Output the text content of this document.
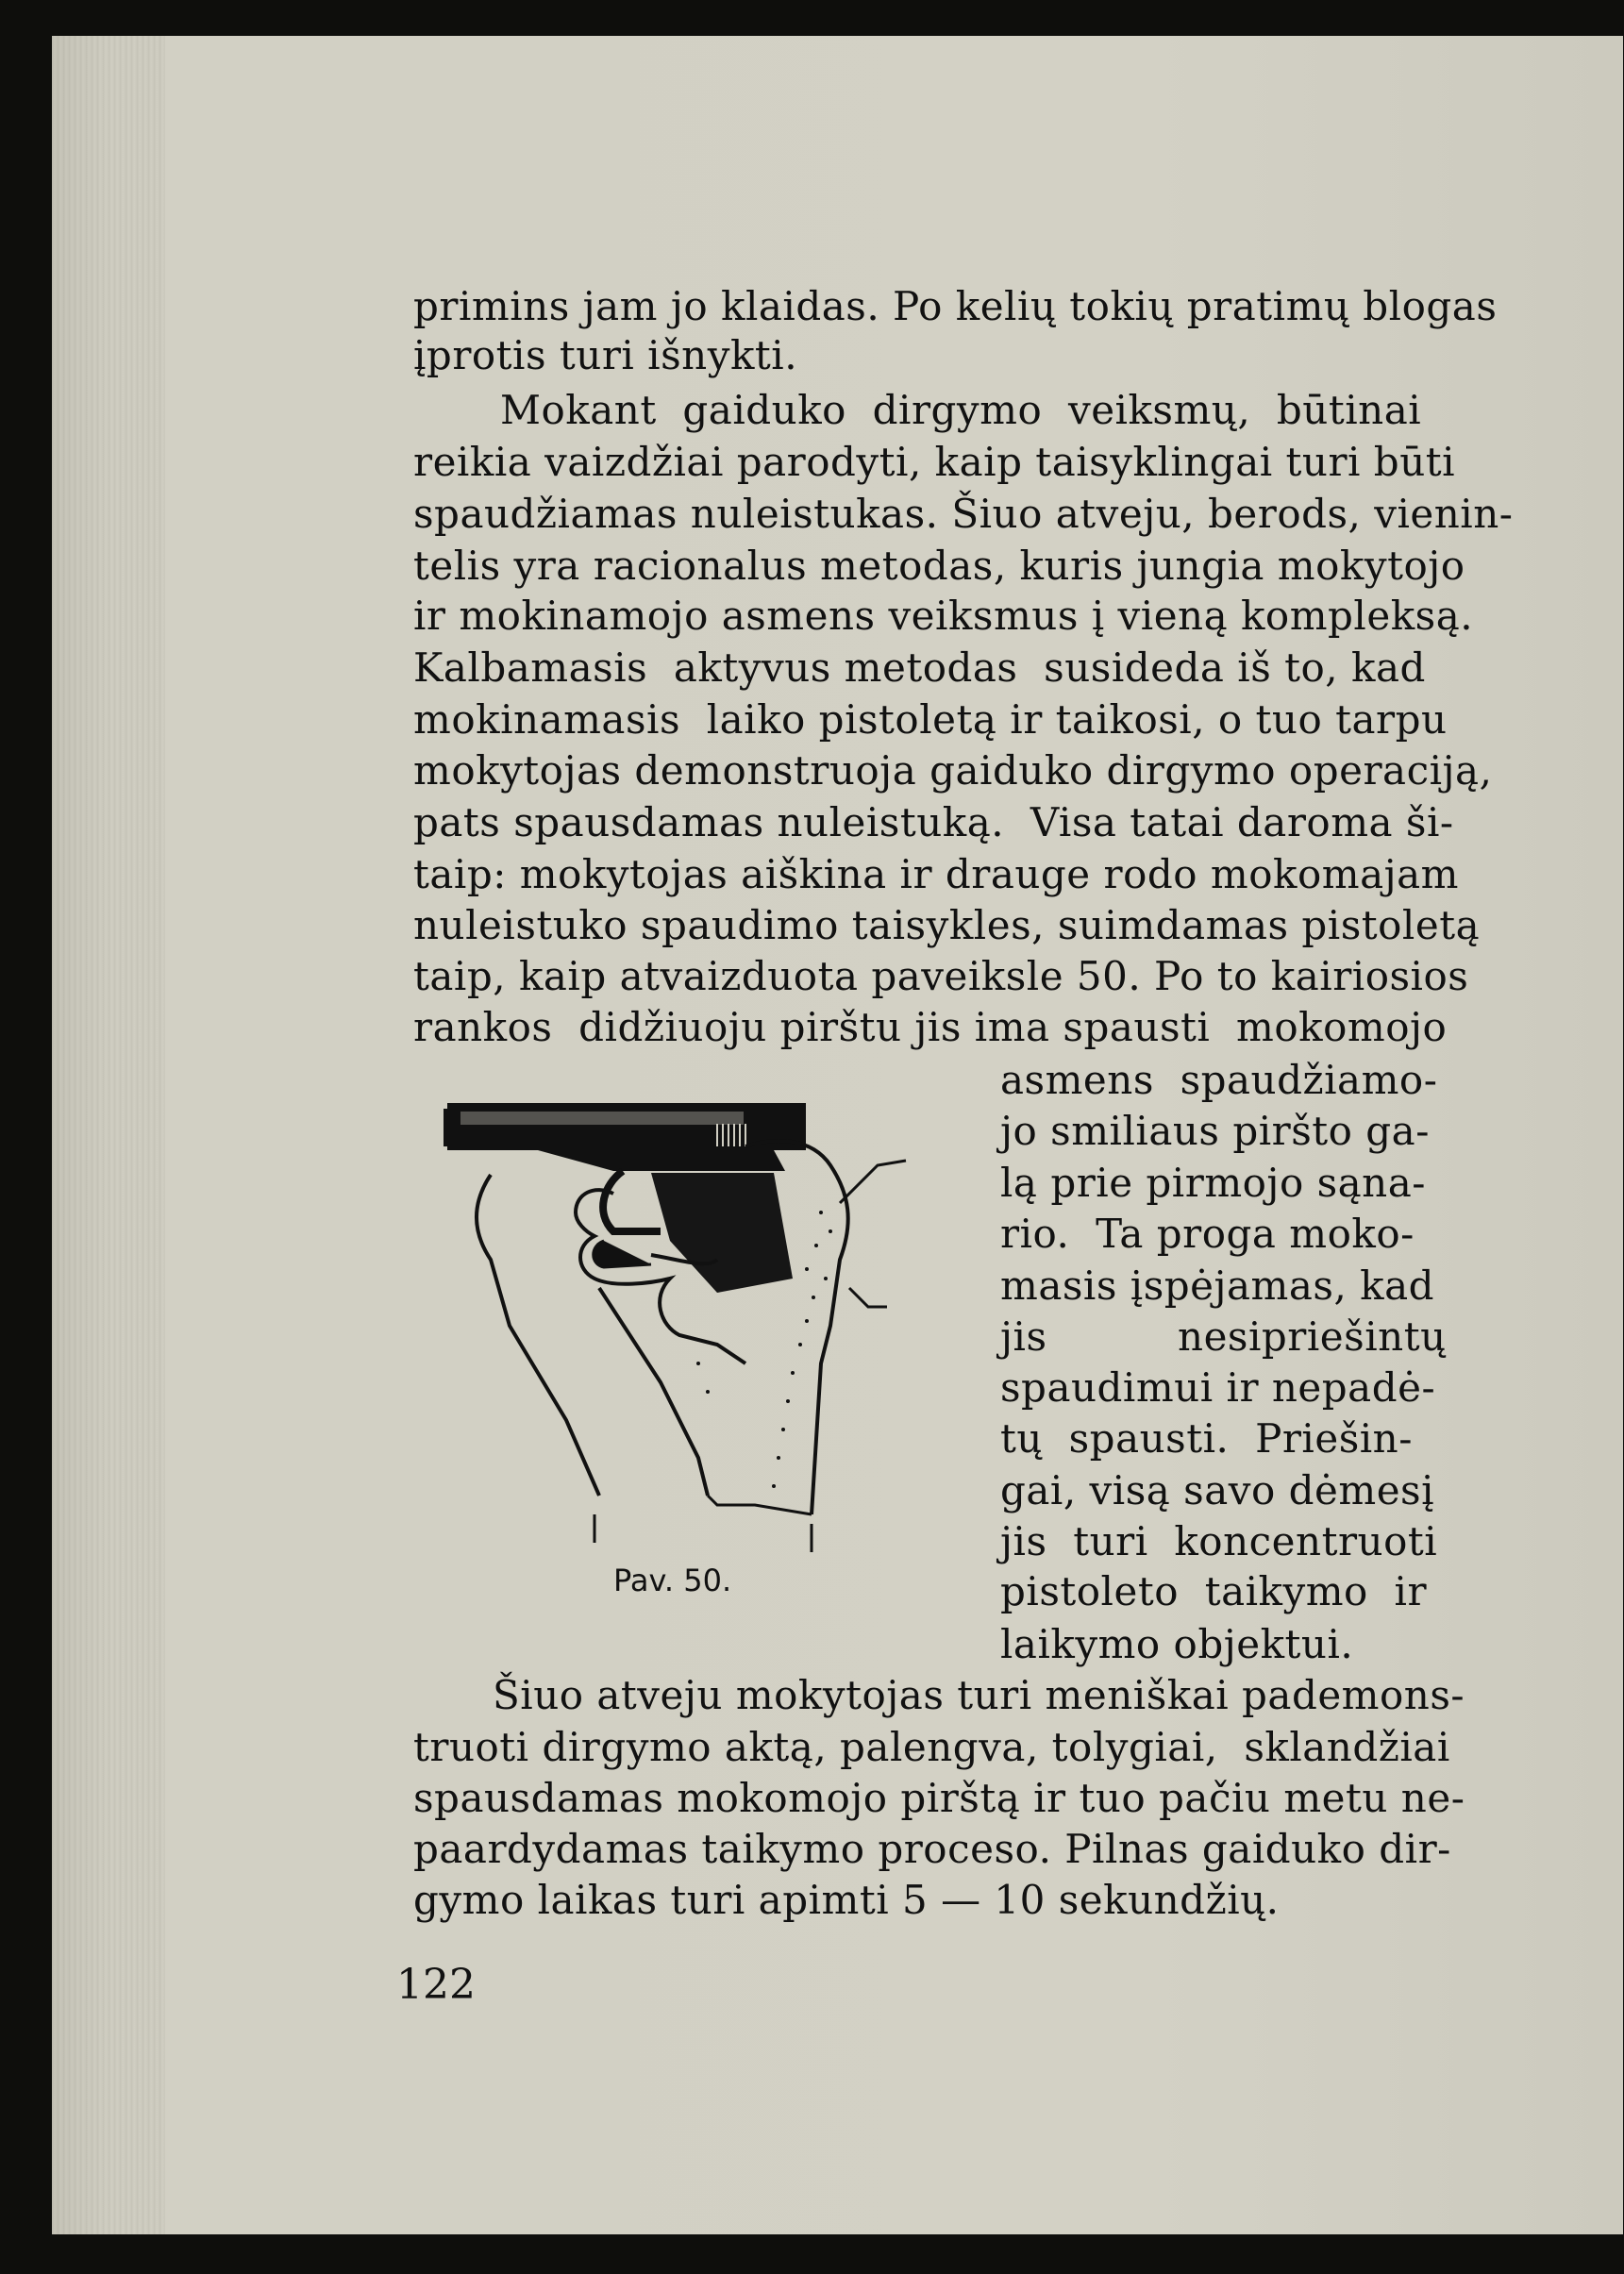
primins jam jo klaidas. Po kelių tokių pratimų blogas
įprotis turi išnykti.
Mokant  gaiduko  dirgymo  veiksmų,  būtinai
reikia vaizdžiai parodyti, kaip taisyklingai turi būti
spaudžiamas nuleistukas. Šiuo atveju, berods, vienin-
telis yra racionalus metodas, kuris jungia mokytojo
ir mokinamojo asmens veiksmus į vieną kompleksą.
Kalbamasis  aktyvus metodas  susideda iš to, kad
mokinamasis  laiko pistoletą ir taikosi, o tuo tarpu
mokytojas demonstruoja gaiduko dirgymo operaciją,
pats spausdamas nuleistuką.  Visa tatai daroma ši-
taip: mokytojas aiškina ir drauge rodo mokomajam
nuleistuko spaudimo taisykles, suimdamas pistoletą
taip, kaip atvaizduota paveiksle 50. Po to kairiosios
rankos  didžiuoju pirštu jis ima spausti  mokomojo
asmens  spaudžiamo-
jo smiliaus piršto ga-
lą prie pirmojo sąna-
rio.  Ta proga moko-
masis įspėjamas, kad
jis          nesipriešintų
spaudimui ir nepadė-
tų  spausti.  Priešin-
gai, visą savo dėmesį
jis  turi  koncentruoti
pistoleto  taikymo  ir
laikymo objektui.
Šiuo atveju mokytojas turi meniškai pademons-
truoti dirgymo aktą, palengva, tolygiai,  sklandžiai
spausdamas mokomojo pirštą ir tuo pačiu metu ne-
paardydamas taikymo proceso. Pilnas gaiduko dir-
gymo laikas turi apimti 5 — 10 sekundžių.
Pav. 50.
122
